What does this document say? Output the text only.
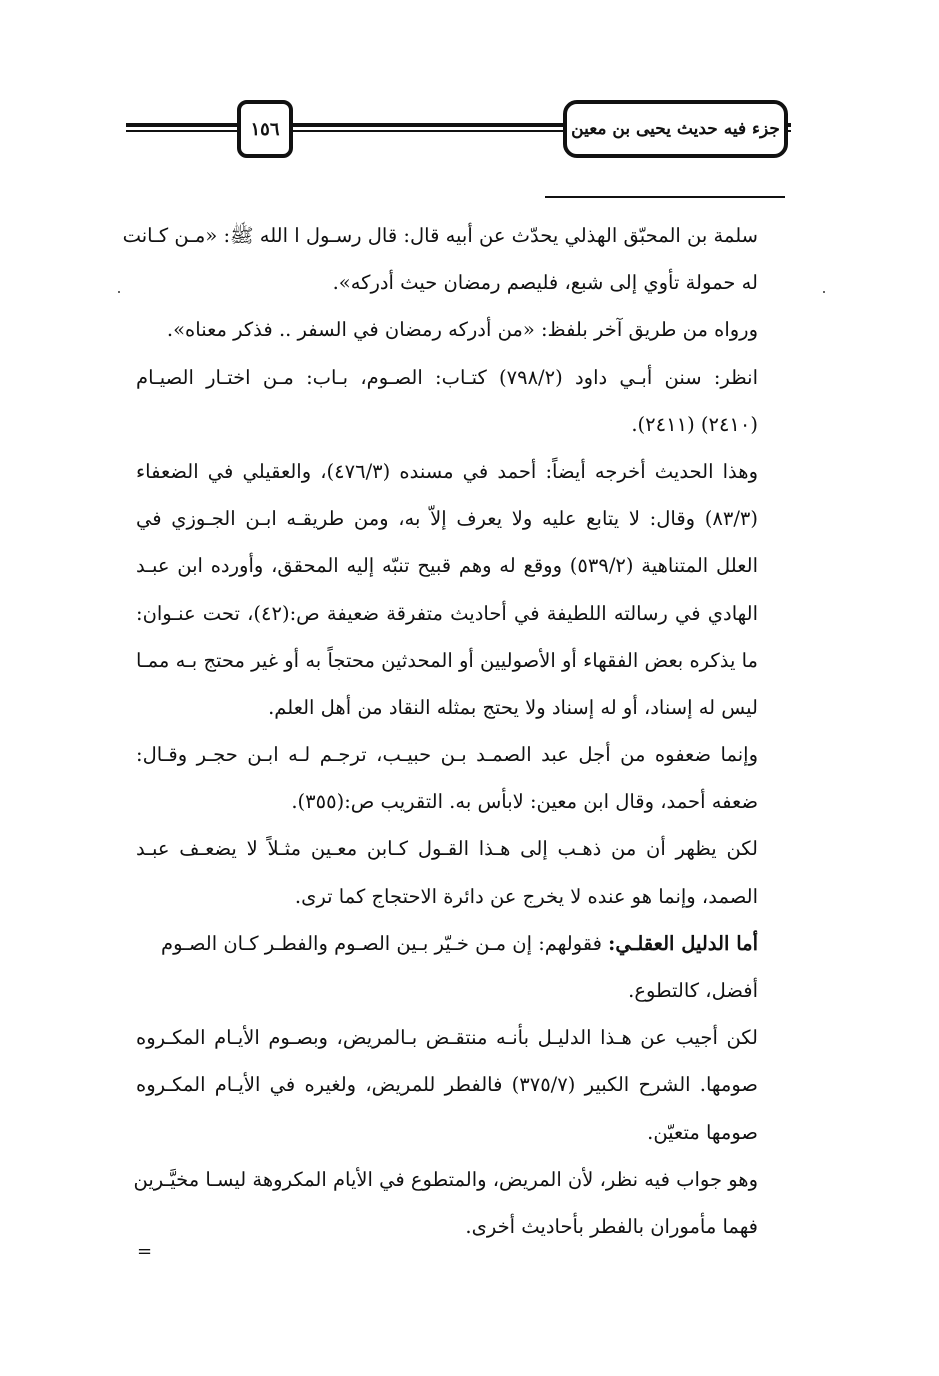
جزء فيه حديث يحيى بن معين
١٥٦
سلمة بن المحبّق الهذلي يحدّث عن أبيه قال: قال رسـول ا الله ﷺ: «مـن كـانت
له حمولة تأوي إلى شبع، فليصم رمضان حيث أدركه».
ورواه من طريق آخر بلفظ: «من أدركه رمضان في السفر .. فذكر معناه».
انظر: سنن أبـي داود (٧٩٨/٢) كتـاب: الصـوم، بـاب: مـن اختـار الصيـام
(٢٤١٠) (٢٤١١).
وهذا الحديث أخرجه أيضاً: أحمد في مسنده (٤٧٦/٣)، والعقيلي في الضعفاء
(٨٣/٣) وقال: لا يتابع عليه ولا يعرف إلاّ به، ومن طريقـه ابـن الجـوزي في
العلل المتناهية (٥٣٩/٢) ووقع له وهم قبيح تنبّه إليه المحقق، وأورده ابن عبـد
الهادي في رسالته اللطيفة في أحاديث متفرقة ضعيفة ص:(٤٢)، تحت عنـوان:
ما يذكره بعض الفقهاء أو الأصوليين أو المحدثين محتجاً به أو غير محتج بـه ممـا
ليس له إسناد، أو له إسناد ولا يحتج بمثله النقاد من أهل العلم.
وإنما ضعفوه من أجل عبد الصمـد بـن حبيـب، ترجـم لـه ابـن حجـر وقـال:
ضعفه أحمد، وقال ابن معين: لابأس به. التقريب ص:(٣٥٥).
لكن يظهر أن من ذهـب إلى هـذا القـول كـابن معـين مثـلاً لا يضعـف عبـد
الصمد، وإنما هو عنده لا يخرج عن دائرة الاحتجاج كما ترى.
أما الدليل العقلـي: فقولهم: إن مـن خـيّر بـين الصـوم والفطـر كـان الصـوم
أفضل، كالتطوع.
لكن أجيب عن هـذا الدليـل بأنـه منتقـض بـالمريض، وبصـوم الأيـام المكـروه
صومها. الشرح الكبير (٣٧٥/٧) فالفطر للمريض، ولغيره في الأيـام المكـروه
صومها متعيّن.
وهو جواب فيه نظر، لأن المريض، والمتطوع في الأيام المكروهة ليسـا مخيَّـرين
فهما مأموران بالفطر بأحاديث أخرى.
=
